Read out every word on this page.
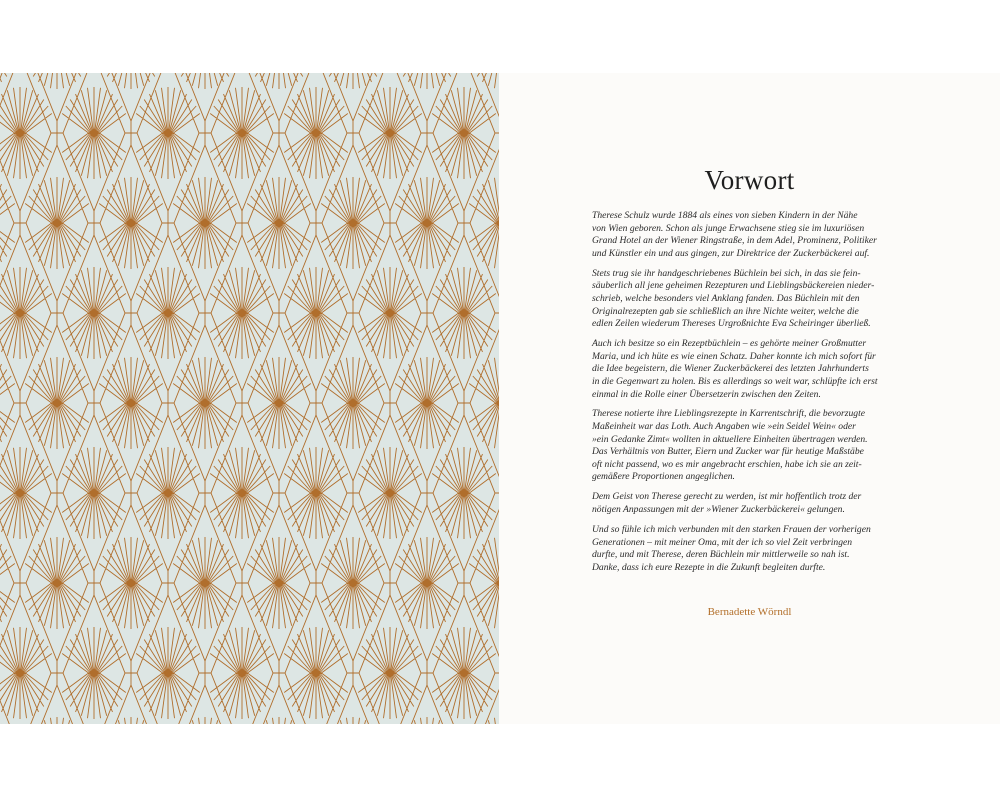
Vorwort

Therese Schulz wurde 1884 als eines von sieben Kindern in der Nähe
von Wien geboren. Schon als junge Erwachsene stieg sie im luxuriösen
Grand Hotel an der Wiener Ringstraße, in dem Adel, Prominenz, Politiker
und Künstler ein und aus gingen, zur Direktrice der Zuckerbäckerei auf.

Stets trug sie ihr handgeschriebenes Büchlein bei sich, in das sie fein-
säuberlich all jene geheimen Rezepturen und Lieblingsbäckereien nieder-
schrieb, welche besonders viel Anklang fanden. Das Büchlein mit den
Originalrezepten gab sie schließlich an ihre Nichte weiter, welche die
edlen Zeilen wiederum Thereses Urgroßnichte Eva Scheiringer überließ.

Auch ich besitze so ein Rezeptbüchlein – es gehörte meiner Großmutter
Maria, und ich hüte es wie einen Schatz. Daher konnte ich mich sofort für
die Idee begeistern, die Wiener Zuckerbäckerei des letzten Jahrhunderts
in die Gegenwart zu holen. Bis es allerdings so weit war, schlüpfte ich erst
einmal in die Rolle einer Übersetzerin zwischen den Zeiten.

Therese notierte ihre Lieblingsrezepte in Karrentschrift, die bevorzugte
Maßeinheit war das Loth. Auch Angaben wie »ein Seidel Wein« oder
»ein Gedanke Zimt« wollten in aktuellere Einheiten übertragen werden.
Das Verhältnis von Butter, Eiern und Zucker war für heutige Maßstäbe
oft nicht passend, wo es mir angebracht erschien, habe ich sie an zeit-
gemäßere Proportionen angeglichen.

Dem Geist von Therese gerecht zu werden, ist mir hoffentlich trotz der
nötigen Anpassungen mit der »Wiener Zuckerbäckerei« gelungen.

Und so fühle ich mich verbunden mit den starken Frauen der vorherigen
Generationen – mit meiner Oma, mit der ich so viel Zeit verbringen
durfte, und mit Therese, deren Büchlein mir mittlerweile so nah ist.
Danke, dass ich eure Rezepte in die Zukunft begleiten durfte.

Bernadette Wörndl
